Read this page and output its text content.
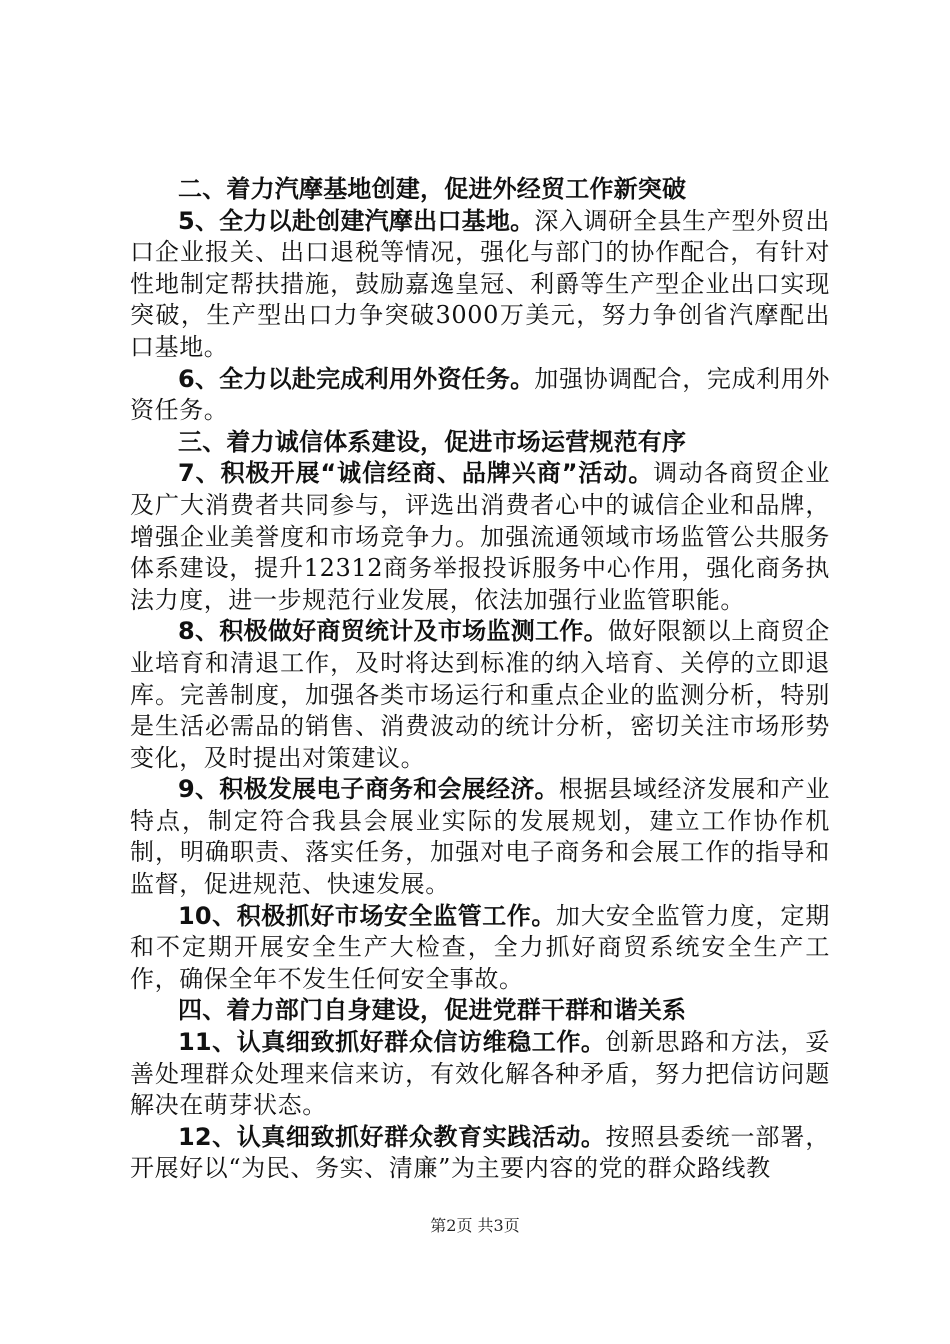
二、着力汽摩基地创建，促进外经贸工作新突破

5、全力以赴创建汽摩出口基地。深入调研全县生产型外贸出口企业报关、出口退税等情况，强化与部门的协作配合，有针对性地制定帮扶措施，鼓励嘉逸皇冠、利爵等生产型企业出口实现突破，生产型出口力争突破3000万美元，努力争创省汽摩配出口基地。

6、全力以赴完成利用外资任务。加强协调配合，完成利用外资任务。

三、着力诚信体系建设，促进市场运营规范有序

7、积极开展“诚信经商、品牌兴商”活动。调动各商贸企业及广大消费者共同参与，评选出消费者心中的诚信企业和品牌，增强企业美誉度和市场竞争力。加强流通领域市场监管公共服务体系建设，提升12312商务举报投诉服务中心作用，强化商务执法力度，进一步规范行业发展，依法加强行业监管职能。

8、积极做好商贸统计及市场监测工作。做好限额以上商贸企业培育和清退工作，及时将达到标准的纳入培育、关停的立即退库。完善制度，加强各类市场运行和重点企业的监测分析，特别是生活必需品的销售、消费波动的统计分析，密切关注市场形势变化，及时提出对策建议。

9、积极发展电子商务和会展经济。根据县域经济发展和产业特点，制定符合我县会展业实际的发展规划，建立工作协作机制，明确职责、落实任务，加强对电子商务和会展工作的指导和监督，促进规范、快速发展。

10、积极抓好市场安全监管工作。加大安全监管力度，定期和不定期开展安全生产大检查，全力抓好商贸系统安全生产工作，确保全年不发生任何安全事故。

四、着力部门自身建设，促进党群干群和谐关系

11、认真细致抓好群众信访维稳工作。创新思路和方法，妥善处理群众处理来信来访，有效化解各种矛盾，努力把信访问题解决在萌芽状态。

12、认真细致抓好群众教育实践活动。按照县委统一部署，开展好以“为民、务实、清廉”为主要内容的党的群众路线教

第2页 共3页
